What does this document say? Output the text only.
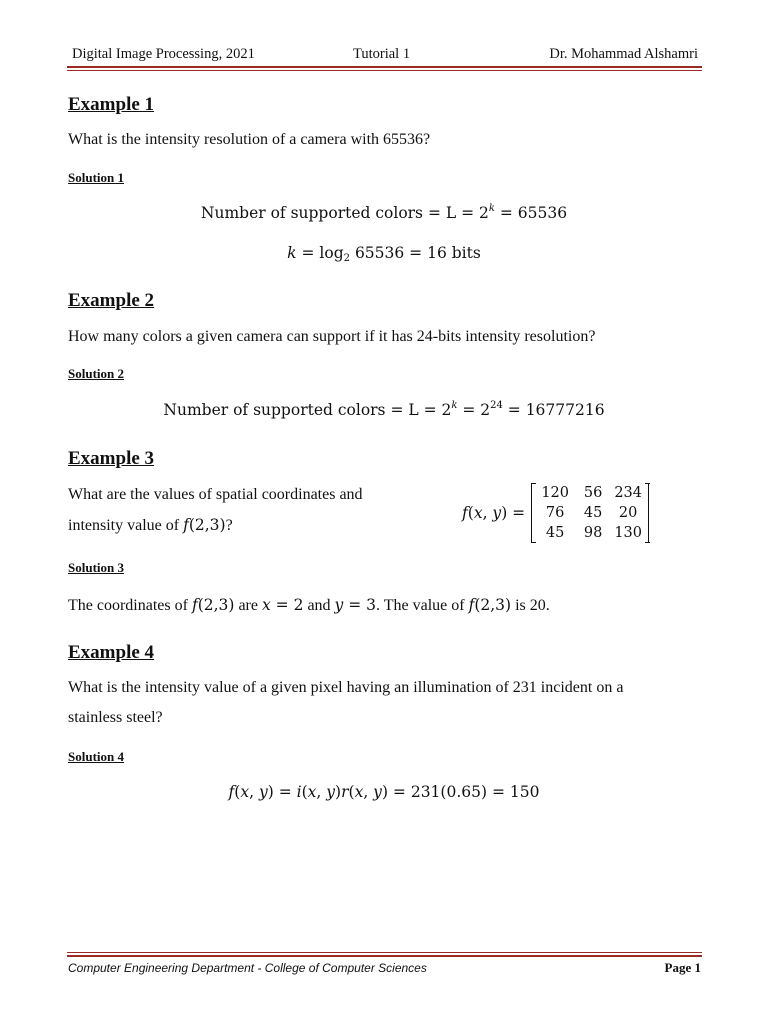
Digital Image Processing, 2021	Tutorial 1	Dr. Mohammad Alshamri
Example 1
What is the intensity resolution of a camera with 65536?
Solution 1
Number of supported colors = $L = 2^k = 65536$
$k = \log_2 65536 = 16$ bits
Example 2
How many colors a given camera can support if it has 24-bits intensity resolution?
Solution 2
Number of supported colors = $L = 2^k = 2^{24} = 16777216$
Example 3
What are the values of spatial coordinates and
intensity value of f(2,3)?
f(x, y) =
120	56 234
76	45	20
45	98 130
Solution 3
The coordinates of f(2,3) are x = 2 and y = 3. The value of f(2,3) is 20.
Example 4
What is the intensity value of a given pixel having an illumination of 231 incident on a
stainless steel?
Solution 4
f(x, y) = i(x, y)r(x, y) = 231(0.65) = 150
Computer Engineering Department - College of Computer Sciences	Page 1
